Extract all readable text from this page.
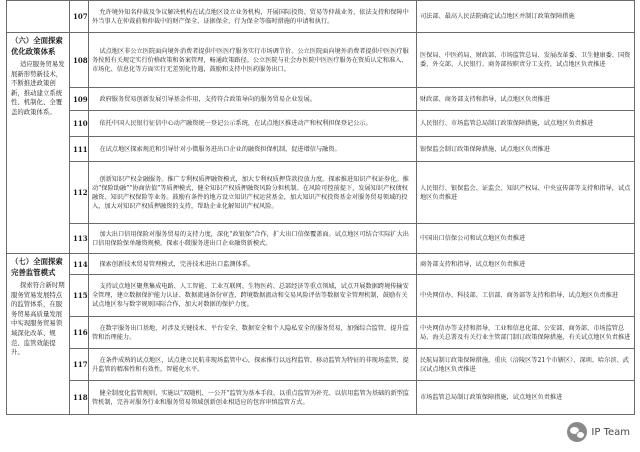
	107	允许境外知名仲裁及争议解决机构在试点地区设立业务机构，开展国际投资、贸易等仲裁业务，依法支持和保障中外当事人在仲裁前和仲裁中的财产保全、证据保全、行为保全等临时措施的申请和执行。	司法部、最高人民法院确定试点地区并制订政策保障措施

（六）全面探索优化政策体系
适应服务贸易发展新形势新技术，不断推进政策创新，推动建立系统性、机制化、全覆盖的政策体系。	108	试点地区非公立医院面向境外消费者提供中医医疗服务实行市场调节价。公立医院面向境外消费者提供中医医疗服务按照有关规定实行价格政策和备案管理，畅通政策路径。公立医院与社会办医院中医医疗服务在资质认定和准入、市场化、信息化等方面实行无差别化待遇，鼓励和支持中医药服务出口。	医保局、中医药局、财政部、市场监管总局、发展改革委、卫生健康委、国资委、外交部、人民银行、商务部按职责分工支持，试点地区负责推进
	109	政府服务贸易创新发展引导基金作用，支持符合政策导向的服务贸易企业发展。	财政部、商务部支持和指导，试点地区负责推进
	110	依托中国人民银行征信中心动产融资统一登记公示系统，在试点地区推进动产和权利担保登记公示。	人民银行、市场监管总局制订政策保障措施，试点地区负责推进
	111	在试点地区探索规范和引导针对小微服务进出口企业的融资担保机制，促进增信与融资。	银保监会制订政策保障措施，试点地区负责推进
	112	创新知识产权金融服务。推广专利权质押融资模式，加大专利权质押贷款投放力度。探索推进知识产权证券化。推动“保险助融”“协商估值”等质押模式，健全知识产权质押融资风险分担机制。在风险可控前提下，发展知识产权债权融资、知识产权保险等业务。鼓励有条件的地方设立知识产权运营基金，加大知识产权投资基金对服务贸易领域的投入，加大对知识产权质押融资的支持，帮助企业化解知识产权风险。	人民银行、银保监会、证监会、知识产权局、中央宣传部等支持和指导，试点地区负责推进
	113	加大出口信用保险对服务贸易的支持力度，深化“政银保”合作，扩大出口信保覆盖面。试点地区可结合实际扩大出口信用保险保单融资规模，探索小微服务进出口企业融资新模式。	中国出口信保公司和试点地区负责推进

（七）全面探索完善监管模式
探索符合新时期服务贸易发展特点的监管体系，在服务贸易高质量发展中实现服务贸易领域深化改革、规范、监管效能提升。	114	探索创新技术贸易管理模式，完善技术进出口监测体系。	商务部支持和指导，试点地区负责推进
	115	支持试点地区聚焦集成电路、人工智能、工业互联网、生物医药、总部经济等重点领域，试点开展数据跨境传输安全管理，建立数据保护能力认证、数据流通备份审查、跨境数据流动和交易风险评估等数据安全管理机制，鼓励有关试点地区参与数字规则国际合作，加大对数据的保护力度。	中央网信办、科技部、工信部、商务部等支持和指导，试点地区负责推进
	116	在数字服务出口基地，对涉及关键技术、平台安全、数据安全和个人隐私安全的服务贸易，加强综合监管，提升监管和治理能力。	中央网信办等支持和指导，工业和信息化部、公安部、商务部、市场监管总局、海关总署及有关行业主管部门制订政策保障措施，有关试点地区负责推进
	117	在条件成熟的试点地区，试点建立民航非现场监管中心，探索推行以远程监管、移动监管为特征的非现场监管，提升监管的精准性和有效性，智能化水平。	民航局制订政策保障措施，重庆（涪陵区等21个市辖区）、深圳、哈尔滨、武汉试点地区负责推进
	118	健全制度化监管规则，实施以“双随机、一公开”监管为基本手段、以重点监管为补充、以信用监管为基础的新型监管机制，完善对服务行业和服务贸易领域创新创业相适应的包容审慎监管方式。	市场监管总局制订政策保障措施，试点地区负责推进
IP Team
